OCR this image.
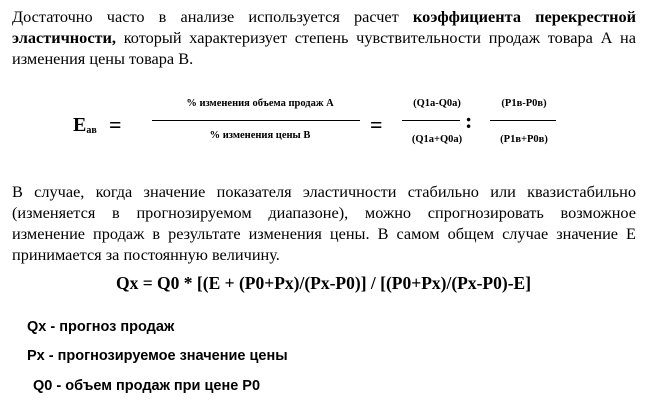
Достаточно часто в анализе используется расчет коэффициента перекрестной эластичности, который характеризует степень чувствительности продаж товара А на изменения цены товара В.

$E_{ав}$ =
% изменения объема продаж А
% изменения цены В	=
(Q1a-Q0a)
(Q1a+Q0a)
:
(P1в-P0в)
(P1в+P0в)

В случае, когда значение показателя эластичности стабильно или квазистабильно (изменяется в прогнозируемом диапазоне), можно спрогнозировать возможное изменение продаж в результате изменения цены. В самом общем случае значение Е принимается за постоянную величину.

Qx = Q0 * [(E + (P0+Px)/(Px-P0)] / [(P0+Px)/(Px-P0)-E]
Qx - прогноз продаж
Px - прогнозируемое значение цены
Q0 - объем продаж при цене P0
